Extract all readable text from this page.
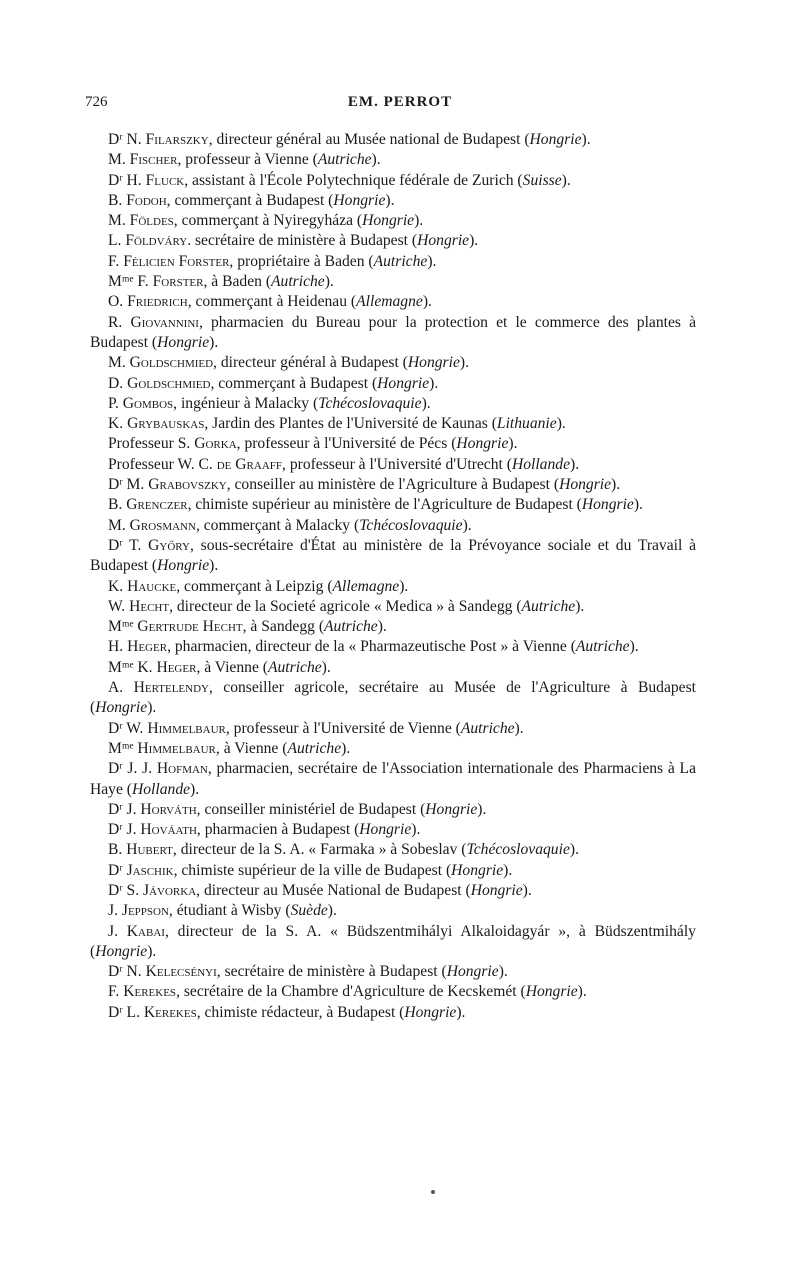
726	EM. PERROT

Dʳ N. Filarszky, directeur général au Musée national de Budapest (Hongrie).

M. Fischer, professeur à Vienne (Autriche).

Dʳ H. Fluck, assistant à l'École Polytechnique fédérale de Zurich (Suisse).

B. Fodoh, commerçant à Budapest (Hongrie).

M. Földes, commerçant à Nyiregyháza (Hongrie).

L. Földváry. secrétaire de ministère à Budapest (Hongrie).

F. Félicien Forster, propriétaire à Baden (Autriche).

Mᵐᵉ F. Forster, à Baden (Autriche).

O. Friedrich, commerçant à Heidenau (Allemagne).

R. Giovannini, pharmacien du Bureau pour la protection et le commerce des plantes à Budapest (Hongrie).

M. Goldschmied, directeur général à Budapest (Hongrie).

D. Goldschmied, commerçant à Budapest (Hongrie).

P. Gombos, ingénieur à Malacky (Tchécoslovaquie).

K. Grybauskas, Jardin des Plantes de l'Université de Kaunas (Lithuanie).

Professeur S. Gorka, professeur à l'Université de Pécs (Hongrie).

Professeur W. C. de Graaff, professeur à l'Université d'Utrecht (Hollande).

Dʳ M. Grabovszky, conseiller au ministère de l'Agriculture à Budapest (Hongrie).

B. Grenczer, chimiste supérieur au ministère de l'Agriculture de Budapest (Hongrie).

M. Grosmann, commerçant à Malacky (Tchécoslovaquie).

Dʳ T. Győry, sous-secrétaire d'État au ministère de la Prévoyance sociale et du Travail à Budapest (Hongrie).

K. Haucke, commerçant à Leipzig (Allemagne).

W. Hecht, directeur de la Societé agricole « Medica » à Sandegg (Autriche).

Mᵐᵉ Gertrude Hecht, à Sandegg (Autriche).

H. Heger, pharmacien, directeur de la « Pharmazeutische Post » à Vienne (Autriche).

Mᵐᵉ K. Heger, à Vienne (Autriche).

A. Hertelendy, conseiller agricole, secrétaire au Musée de l'Agriculture à Budapest (Hongrie).

Dʳ W. Himmelbaur, professeur à l'Université de Vienne (Autriche).

Mᵐᵉ Himmelbaur, à Vienne (Autriche).

Dʳ J. J. Hofman, pharmacien, secrétaire de l'Association internationale des Pharmaciens à La Haye (Hollande).

Dʳ J. Horváth, conseiller ministériel de Budapest (Hongrie).

Dʳ J. Hováath, pharmacien à Budapest (Hongrie).

B. Hubert, directeur de la S. A. « Farmaka » à Sobeslav (Tchécoslovaquie).

Dʳ Jaschik, chimiste supérieur de la ville de Budapest (Hongrie).

Dʳ S. Jávorka, directeur au Musée National de Budapest (Hongrie).

J. Jeppson, étudiant à Wisby (Suède).

J. Kabai, directeur de la S. A. « Büdszentmihályi Alkaloidagyár », à Büdszentmihály (Hongrie).

Dʳ N. Kelecsényi, secrétaire de ministère à Budapest (Hongrie).

F. Kerekes, secrétaire de la Chambre d'Agriculture de Kecskemét (Hongrie).

Dʳ L. Kerekes, chimiste rédacteur, à Budapest (Hongrie).
